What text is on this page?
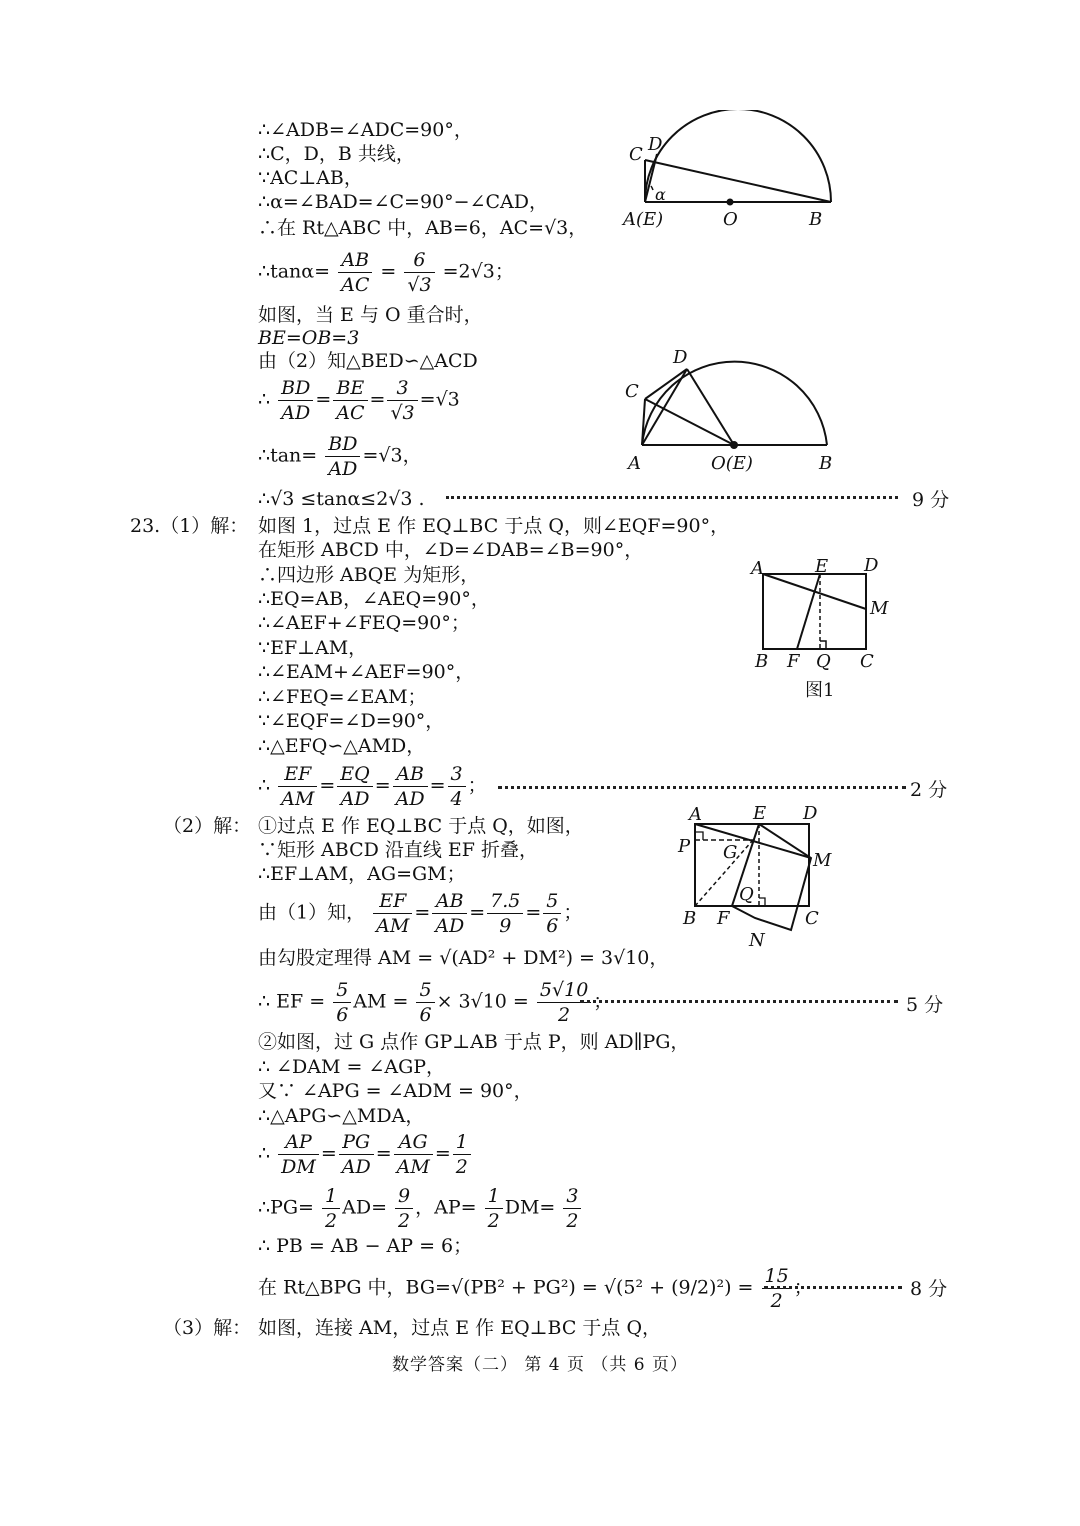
∴∠ADB=∠ADC=90°，
∴C，D，B 共线，
∵AC⊥AB，
∴α=∠BAD=∠C=90°−∠CAD，
∴在 Rt△ABC 中，AB=6，AC=√3，
∴tanα= $\frac{AB}{AC} = \frac{6}{√3} =2√3$；
如图，当 E 与 O 重合时，
BE=OB=3
由（2）知△BED∽△ACD
∴ $\frac{BD}{AD} = \frac{BE}{AC} = \frac{3}{√3} =√3$
∴tan= $\frac{BD}{AD} =√3$，
∴√3 ≤tanα≤2√3 .	9 分
C D
α
A(E)	O	B
C
D
A	O(E)	B
23.（1）解： 如图 1，过点 E 作 EQ⊥BC 于点 Q，则∠EQF=90°，
在矩形 ABCD 中，∠D=∠DAB=∠B=90°，
∴四边形 ABQE 为矩形，
∴EQ=AB，∠AEQ=90°，
∴∠AEF+∠FEQ=90°；
∵EF⊥AM，
∴∠EAM+∠AEF=90°，
∴∠FEQ=∠EAM；
∵∠EQF=∠D=90°，
∴△EFQ∽△AMD，
∴ $\frac{EF}{AM} = \frac{EQ}{AD} = \frac{AB}{AD} = \frac{3}{4}$ ；	2 分
A	E D
M
B F Q C
图1
（2）解： ①过点 E 作 EQ⊥BC 于点 Q，如图，
∵矩形 ABCD 沿直线 EF 折叠，
∴EF⊥AM，AG=GM；
由（1）知， $\frac{EF}{AM} = \frac{AB}{AD} = \frac{7.5}{9} = \frac{5}{6}$ ；
由勾股定理得 AM = √(AD² + DM²) = 3√10，
∴ EF = $\frac{5}{6}$ AM = $\frac{5}{6} \times 3√10 = \frac{5√10}{2}$ ；	5 分
②如图，过 G 点作 GP⊥AB 于点 P，则 AD∥PG，
∴ ∠DAM = ∠AGP，
又∵ ∠APG = ∠ADM = 90°，
∴△APG∽△MDA，
∴ $\frac{AP}{DM} = \frac{PG}{AD} = \frac{AG}{AM} = \frac{1}{2}$
∴PG= $\frac{1}{2} AD= \frac{9}{2}$ ，$AP= \frac{1}{2} DM= \frac{3}{2}$
∴ PB = AB − AP = 6；
在 Rt△BPG 中，$BG=√(PB^2 + PG^2) = √(5^2 + (9/2)^2) = \frac{15}{2}$ ；	8 分
A	E D
P G	M
Q
B F	C
N
（3）解： 如图，连接 AM，过点 E 作 EQ⊥BC 于点 Q，
数学答案（二） 第 4 页 （共 6 页）
